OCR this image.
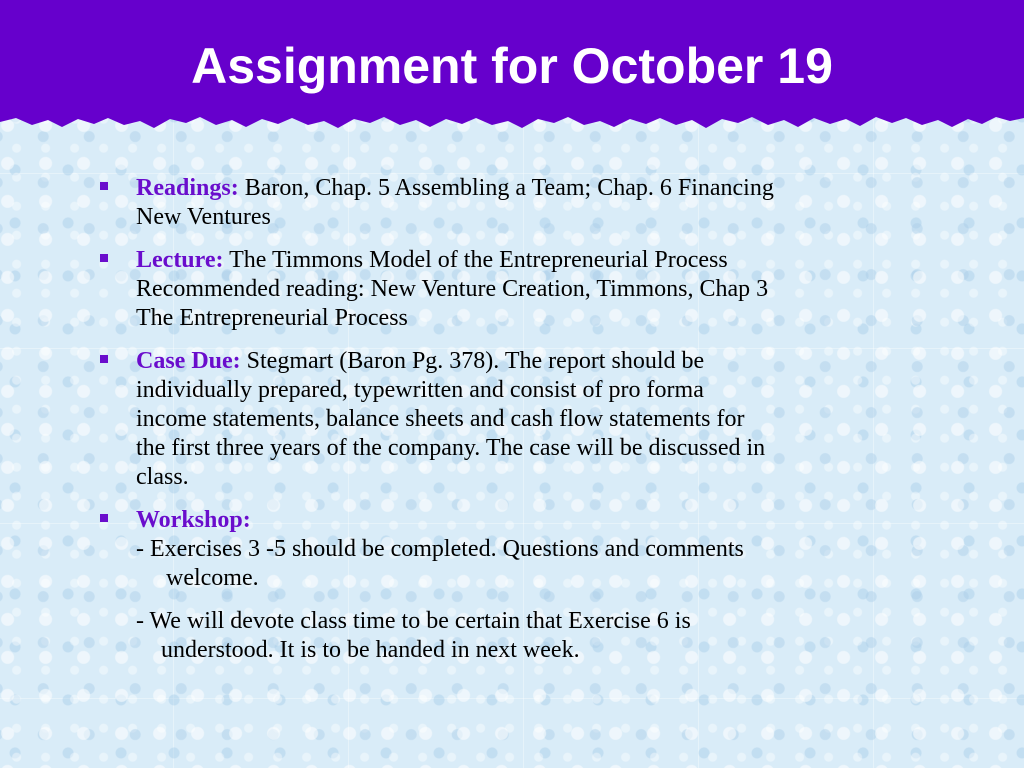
Assignment for October 19
Readings: Baron, Chap. 5 Assembling a Team; Chap. 6 Financing
New Ventures
Lecture: The Timmons Model of the Entrepreneurial Process
Recommended reading: New Venture Creation, Timmons, Chap 3
The Entrepreneurial Process
Case Due: Stegmart (Baron Pg. 378). The report should be
individually prepared, typewritten and consist of pro forma
income statements, balance sheets and cash flow statements for
the first three years of the company. The case will be discussed in
class.
Workshop:
- Exercises 3 -5 should be completed. Questions and comments
welcome.
- We will devote class time to be certain that Exercise 6 is
understood. It is to be handed in next week.
